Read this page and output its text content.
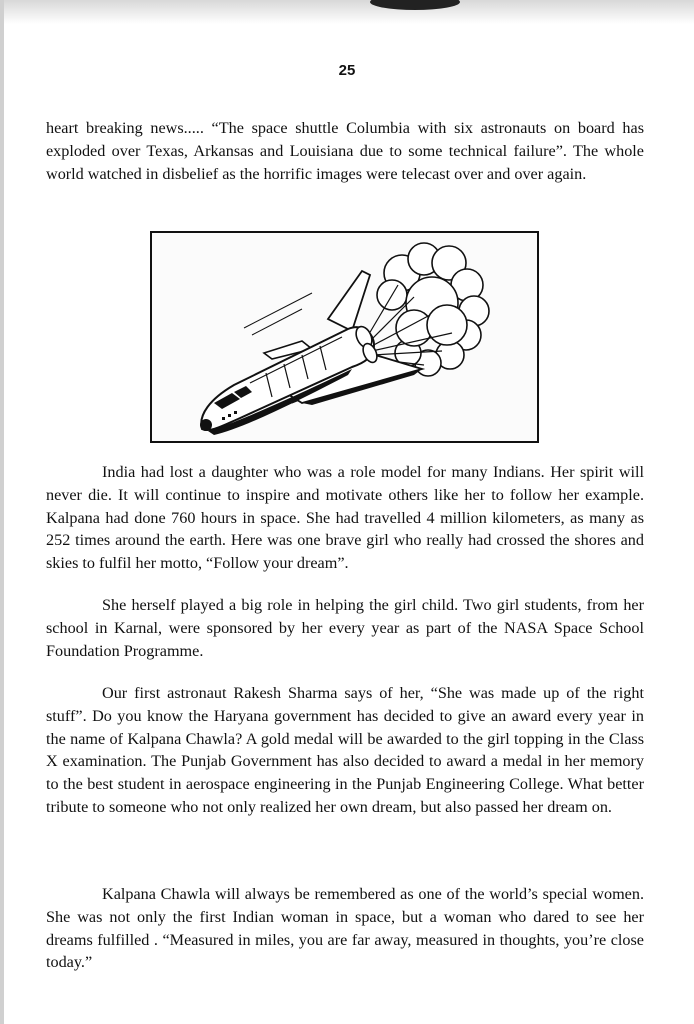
25

heart breaking news..... “The space shuttle Columbia with six astronauts on board has exploded over Texas, Arkansas and Louisiana due to some technical failure”. The whole world watched in disbelief as the horrific images were telecast over and over again.

India had lost a daughter who was a role model for many Indians. Her spirit will never die. It will continue to inspire and motivate others like her to follow her example. Kalpana had done 760 hours in space. She had travelled 4 million kilometers, as many as 252 times around the earth. Here was one brave girl who really had crossed the shores and skies to fulfil her motto, “Follow your dream”.

She herself played a big role in helping the girl child. Two girl students, from her school in Karnal, were sponsored by her every year as part of the NASA Space School Foundation Programme.

Our first astronaut Rakesh Sharma says of her, “She was made up of the right stuff”. Do you know the Haryana government has decided to give an award every year in the name of Kalpana Chawla? A gold medal will be awarded to the girl topping in the Class X examination. The Punjab Government has also decided to award a medal in her memory to the best student in aerospace engineering in the Punjab Engineering College. What better tribute to someone who not only realized her own dream, but also passed her dream on.

Kalpana Chawla will always be remembered as one of the world’s special women. She was not only the first Indian woman in space, but a woman who dared to see her dreams fulfilled . “Measured in miles, you are far away, measured in thoughts, you’re close today.”
